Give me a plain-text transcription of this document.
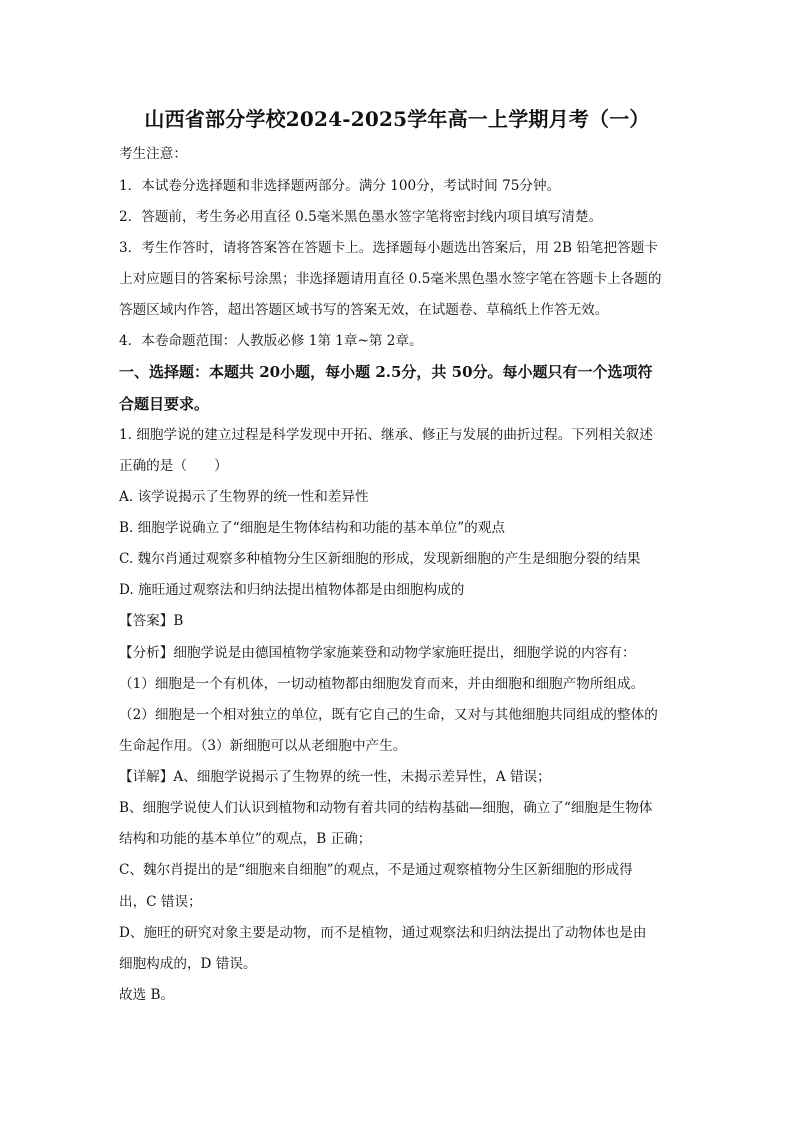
山西省部分学校2024-2025学年高一上学期月考（一）
考生注意：
1．本试卷分选择题和非选择题两部分。满分 100分，考试时间 75分钟。
2．答题前，考生务必用直径 0.5毫米黑色墨水签字笔将密封线内项目填写清楚。
3．考生作答时，请将答案答在答题卡上。选择题每小题选出答案后，用 2B 铅笔把答题卡
上对应题目的答案标号涂黑；非选择题请用直径 0.5毫米黑色墨水签字笔在答题卡上各题的
答题区域内作答，超出答题区域书写的答案无效，在试题卷、草稿纸上作答无效。
4．本卷命题范围：人教版必修 1第 1章~第 2章。
一、选择题：本题共 20小题，每小题 2.5分，共 50分。每小题只有一个选项符
合题目要求。
1. 细胞学说的建立过程是科学发现中开拓、继承、修正与发展的曲折过程。下列相关叙述
正确的是（　　）
A. 该学说揭示了生物界的统一性和差异性
B. 细胞学说确立了“细胞是生物体结构和功能的基本单位”的观点
C. 魏尔肖通过观察多种植物分生区新细胞的形成，发现新细胞的产生是细胞分裂的结果
D. 施旺通过观察法和归纳法提出植物体都是由细胞构成的
【答案】B
【分析】细胞学说是由德国植物学家施莱登和动物学家施旺提出，细胞学说的内容有：
（1）细胞是一个有机体，一切动植物都由细胞发育而来，并由细胞和细胞产物所组成。
（2）细胞是一个相对独立的单位，既有它自己的生命，又对与其他细胞共同组成的整体的
生命起作用。（3）新细胞可以从老细胞中产生。
【详解】A、细胞学说揭示了生物界的统一性，未揭示差异性，A 错误；
B、细胞学说使人们认识到植物和动物有着共同的结构基础—细胞，确立了“细胞是生物体
结构和功能的基本单位”的观点，B 正确；
C、魏尔肖提出的是“细胞来自细胞”的观点，不是通过观察植物分生区新细胞的形成得
出，C 错误；
D、施旺的研究对象主要是动物，而不是植物，通过观察法和归纳法提出了动物体也是由
细胞构成的，D 错误。
故选 B。
